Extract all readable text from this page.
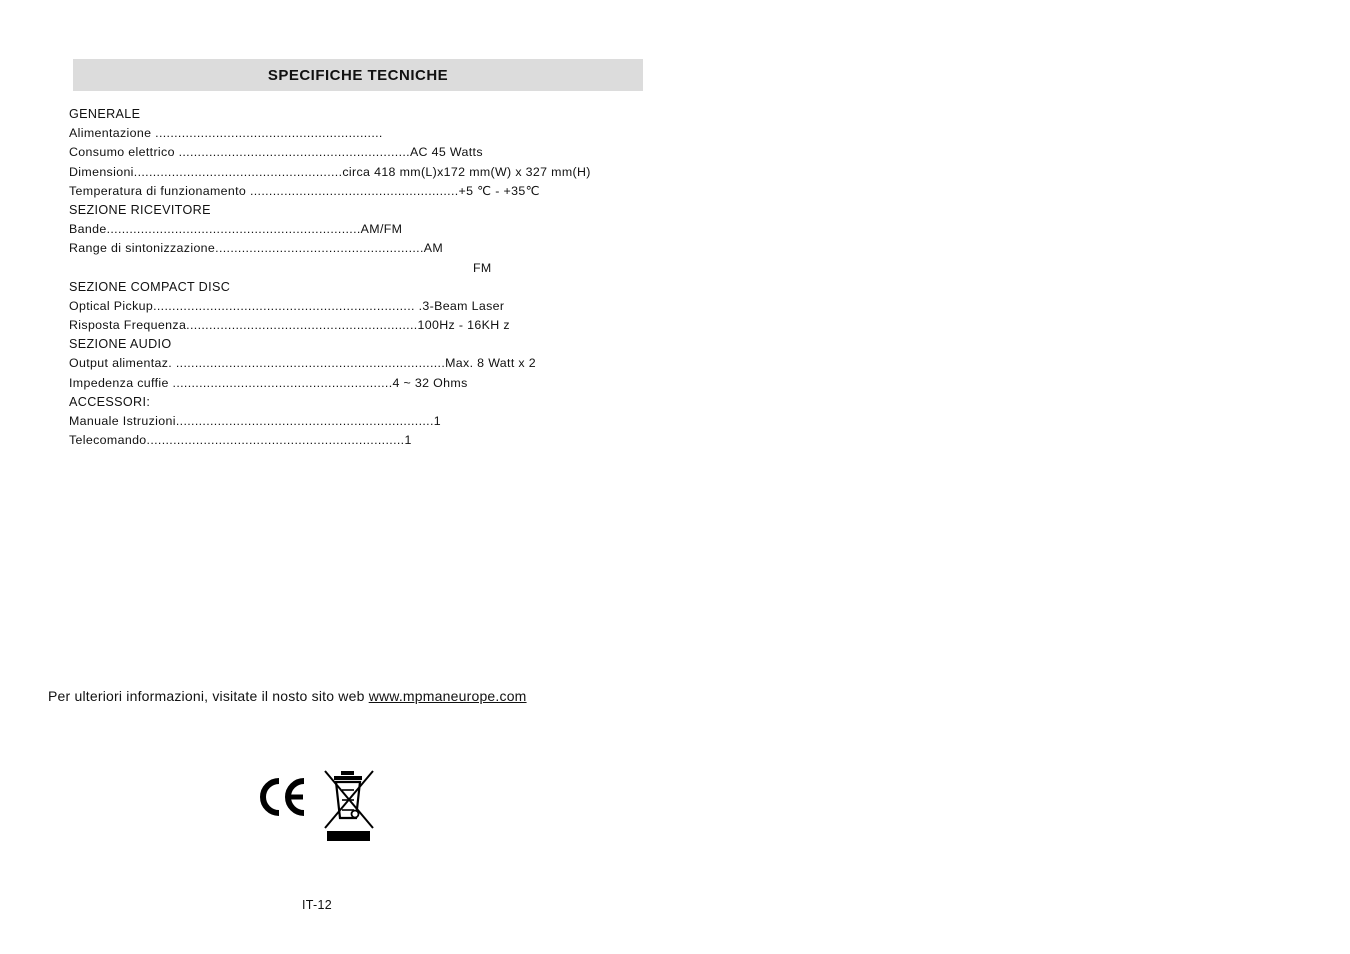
SPECIFICHE TECNICHE
GENERALE
Alimentazione ............................................................
Consumo elettrico .............................................................AC 45 Watts
Dimensioni.......................................................circa 418 mm(L)x172 mm(W) x 327 mm(H)
Temperatura di funzionamento .......................................................+5 ℃ - +35℃
SEZIONE RICEVITORE
Bande...................................................................AM/FM
Range di sintonizzazione.......................................................AM
FM
SEZIONE COMPACT DISC
Optical Pickup..................................................................... .3-Beam Laser
Risposta Frequenza.............................................................100Hz - 16KH z
SEZIONE AUDIO
Output alimentaz. .......................................................................Max. 8 Watt x 2
Impedenza cuffie ..........................................................4 ~ 32 Ohms
ACCESSORI:
Manuale Istruzioni....................................................................1
Telecomando....................................................................1
Per ulteriori informazioni, visitate il nosto sito web www.mpmaneurope.com
IT-12
